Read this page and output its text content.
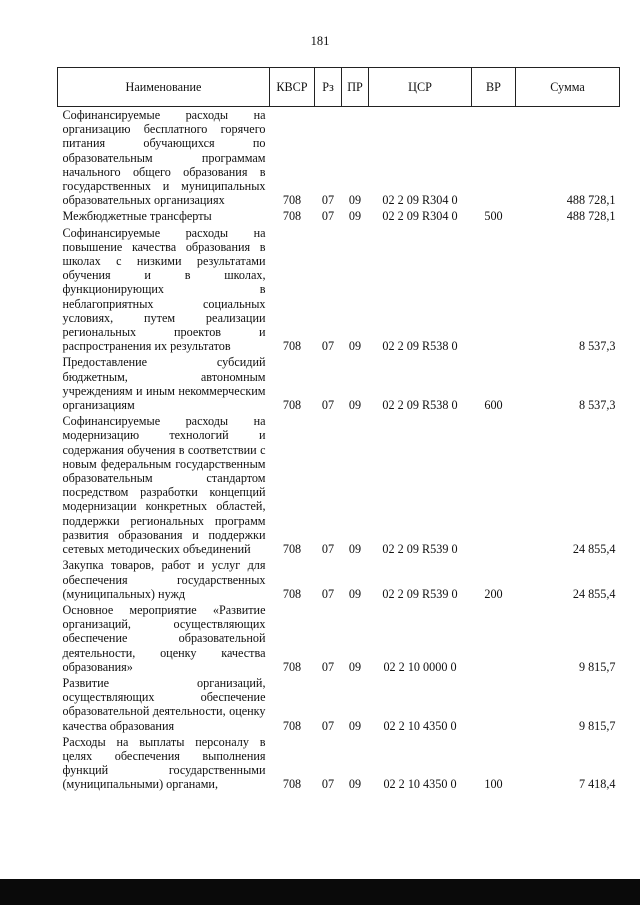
181
Наименование	КВСР	Рз	ПР	ЦСР	ВР	Сумма
Софинансируемые расходы на организацию бесплатного горячего питания обучающихся по образовательным программам начального общего образования в государственных и муниципальных образовательных организациях	708	07	09	02 2 09 R304 0		488 728,1
Межбюджетные трансферты	708	07	09	02 2 09 R304 0	500	488 728,1
Софинансируемые расходы на повышение качества образования в школах с низкими результатами обучения и в школах, функционирующих в неблагоприятных социальных условиях, путем реализации региональных проектов и распространения их результатов	708	07	09	02 2 09 R538 0		8 537,3
Предоставление субсидий бюджетным, автономным учреждениям и иным некоммерческим организациям	708	07	09	02 2 09 R538 0	600	8 537,3
Софинансируемые расходы на модернизацию технологий и содержания обучения в соответствии с новым федеральным государственным образовательным стандартом посредством разработки концепций модернизации конкретных областей, поддержки региональных программ развития образования и поддержки сетевых методических объединений	708	07	09	02 2 09 R539 0		24 855,4
Закупка товаров, работ и услуг для обеспечения государственных (муниципальных) нужд	708	07	09	02 2 09 R539 0	200	24 855,4
Основное мероприятие «Развитие организаций, осуществляющих обеспечение образовательной деятельности, оценку качества образования»	708	07	09	02 2 10 0000 0		9 815,7
Развитие организаций, осуществляющих обеспечение образовательной деятельности, оценку качества образования	708	07	09	02 2 10 4350 0		9 815,7
Расходы на выплаты персоналу в целях обеспечения выполнения функций государственными (муниципальными) органами,	708	07	09	02 2 10 4350 0	100	7 418,4
